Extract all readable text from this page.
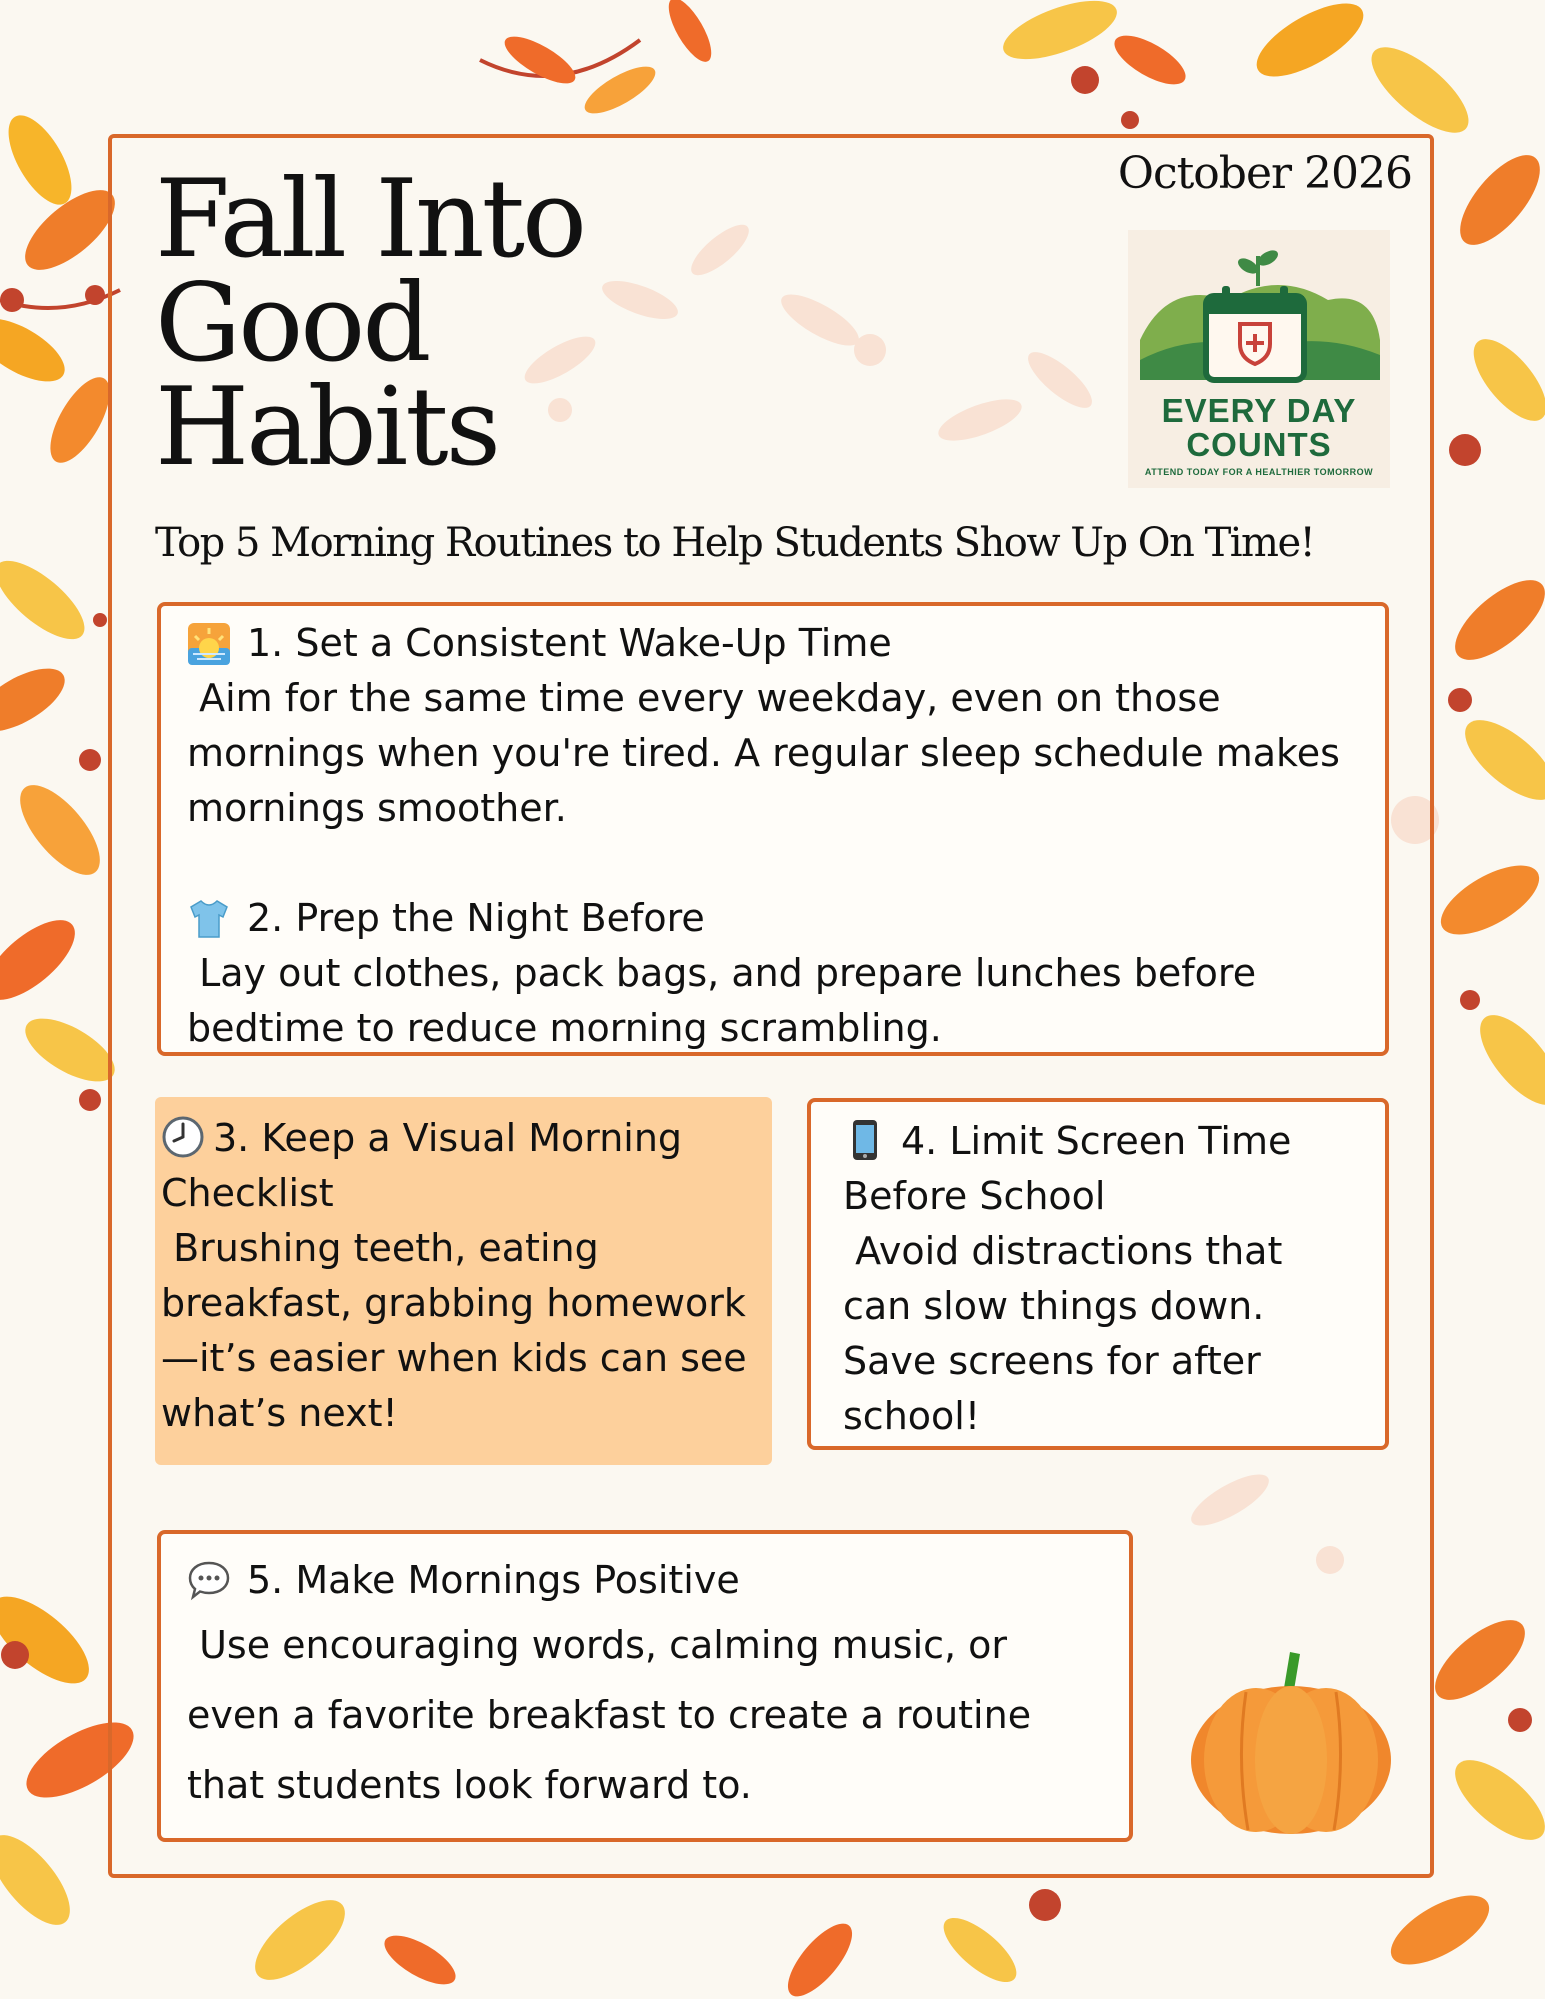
Fall Into
Good
Habits
October 2026
EVERY DAY
COUNTS
ATTEND TODAY FOR A HEALTHIER TOMORROW
Top 5 Morning Routines to Help Students Show Up On Time!

1. Set a Consistent Wake-Up Time

Aim for the same time every weekday, even on those mornings when you're tired. A regular sleep schedule makes mornings smoother.

2. Prep the Night Before

Lay out clothes, pack bags, and prepare lunches before bedtime to reduce morning scrambling.

3. Keep a Visual Morning Checklist

Brushing teeth, eating breakfast, grabbing homework—it’s easier when kids can see what’s next!

4. Limit Screen Time Before School

Avoid distractions that can slow things down. Save screens for after school!

5. Make Mornings Positive

Use encouraging words, calming music, or even a favorite breakfast to create a routine that students look forward to.
